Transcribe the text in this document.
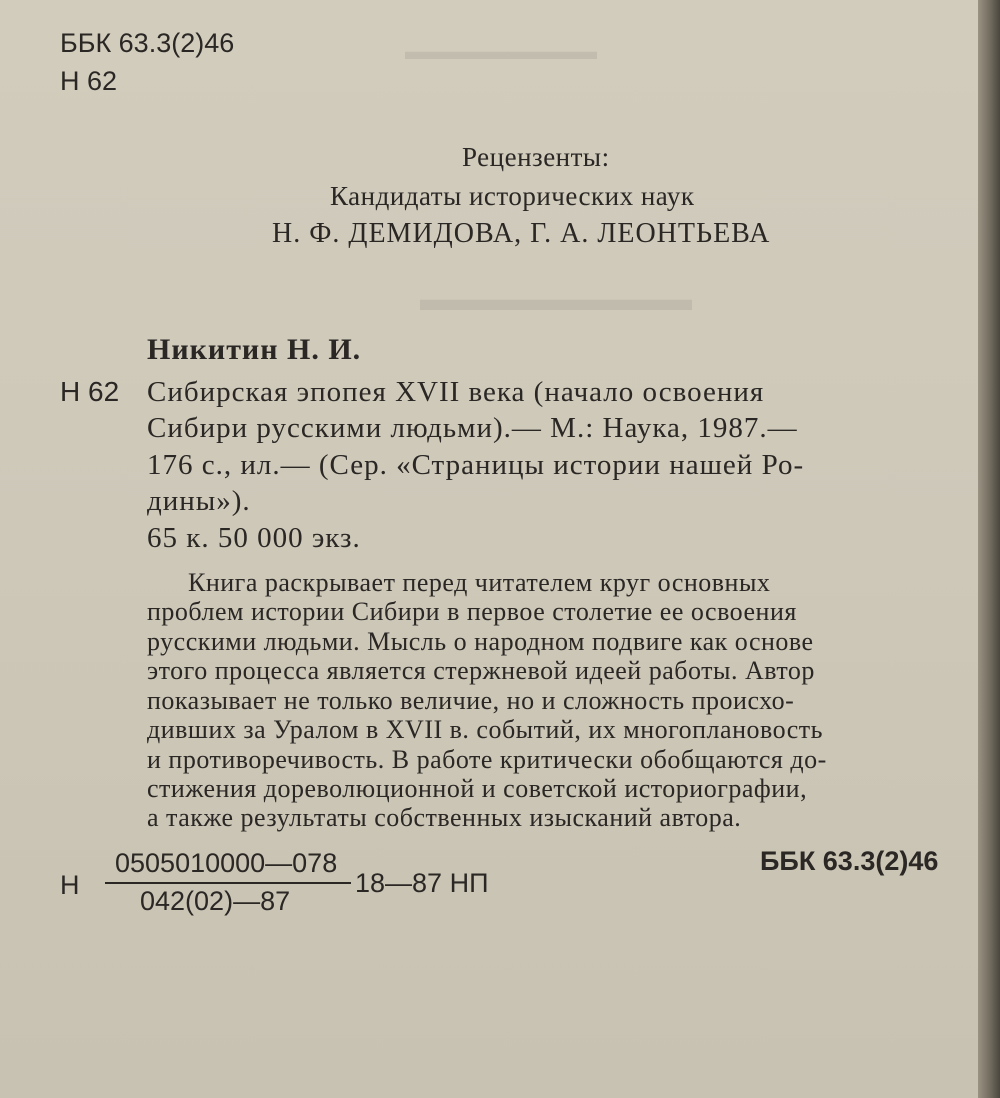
▬▬▬▬▬▬▬▬
▬▬▬▬▬▬▬▬
ББК 63.3(2)46
Н 62
Рецензенты:
Кандидаты исторических наук
Н. Ф. ДЕМИДОВА, Г. А. ЛЕОНТЬЕВА
Никитин Н. И.
Н 62 Сибирская эпопея XVII века (начало освоения
Сибири русскими людьми).— М.: Наука, 1987.—
176 с., ил.— (Сер. «Страницы истории нашей Ро-
дины»).
65 к. 50 000 экз.
Книга раскрывает перед читателем круг основных
проблем истории Сибири в первое столетие ее освоения
русскими людьми. Мысль о народном подвиге как основе
этого процесса является стержневой идеей работы. Автор
показывает не только величие, но и сложность происхо-
дивших за Уралом в XVII в. событий, их многоплановость
и противоречивость. В работе критически обобщаются до-
стижения дореволюционной и советской историографии,
а также результаты собственных изысканий автора.
Н
0505010000—078
042(02)—87
18—87 НП
ББК 63.3(2)46
